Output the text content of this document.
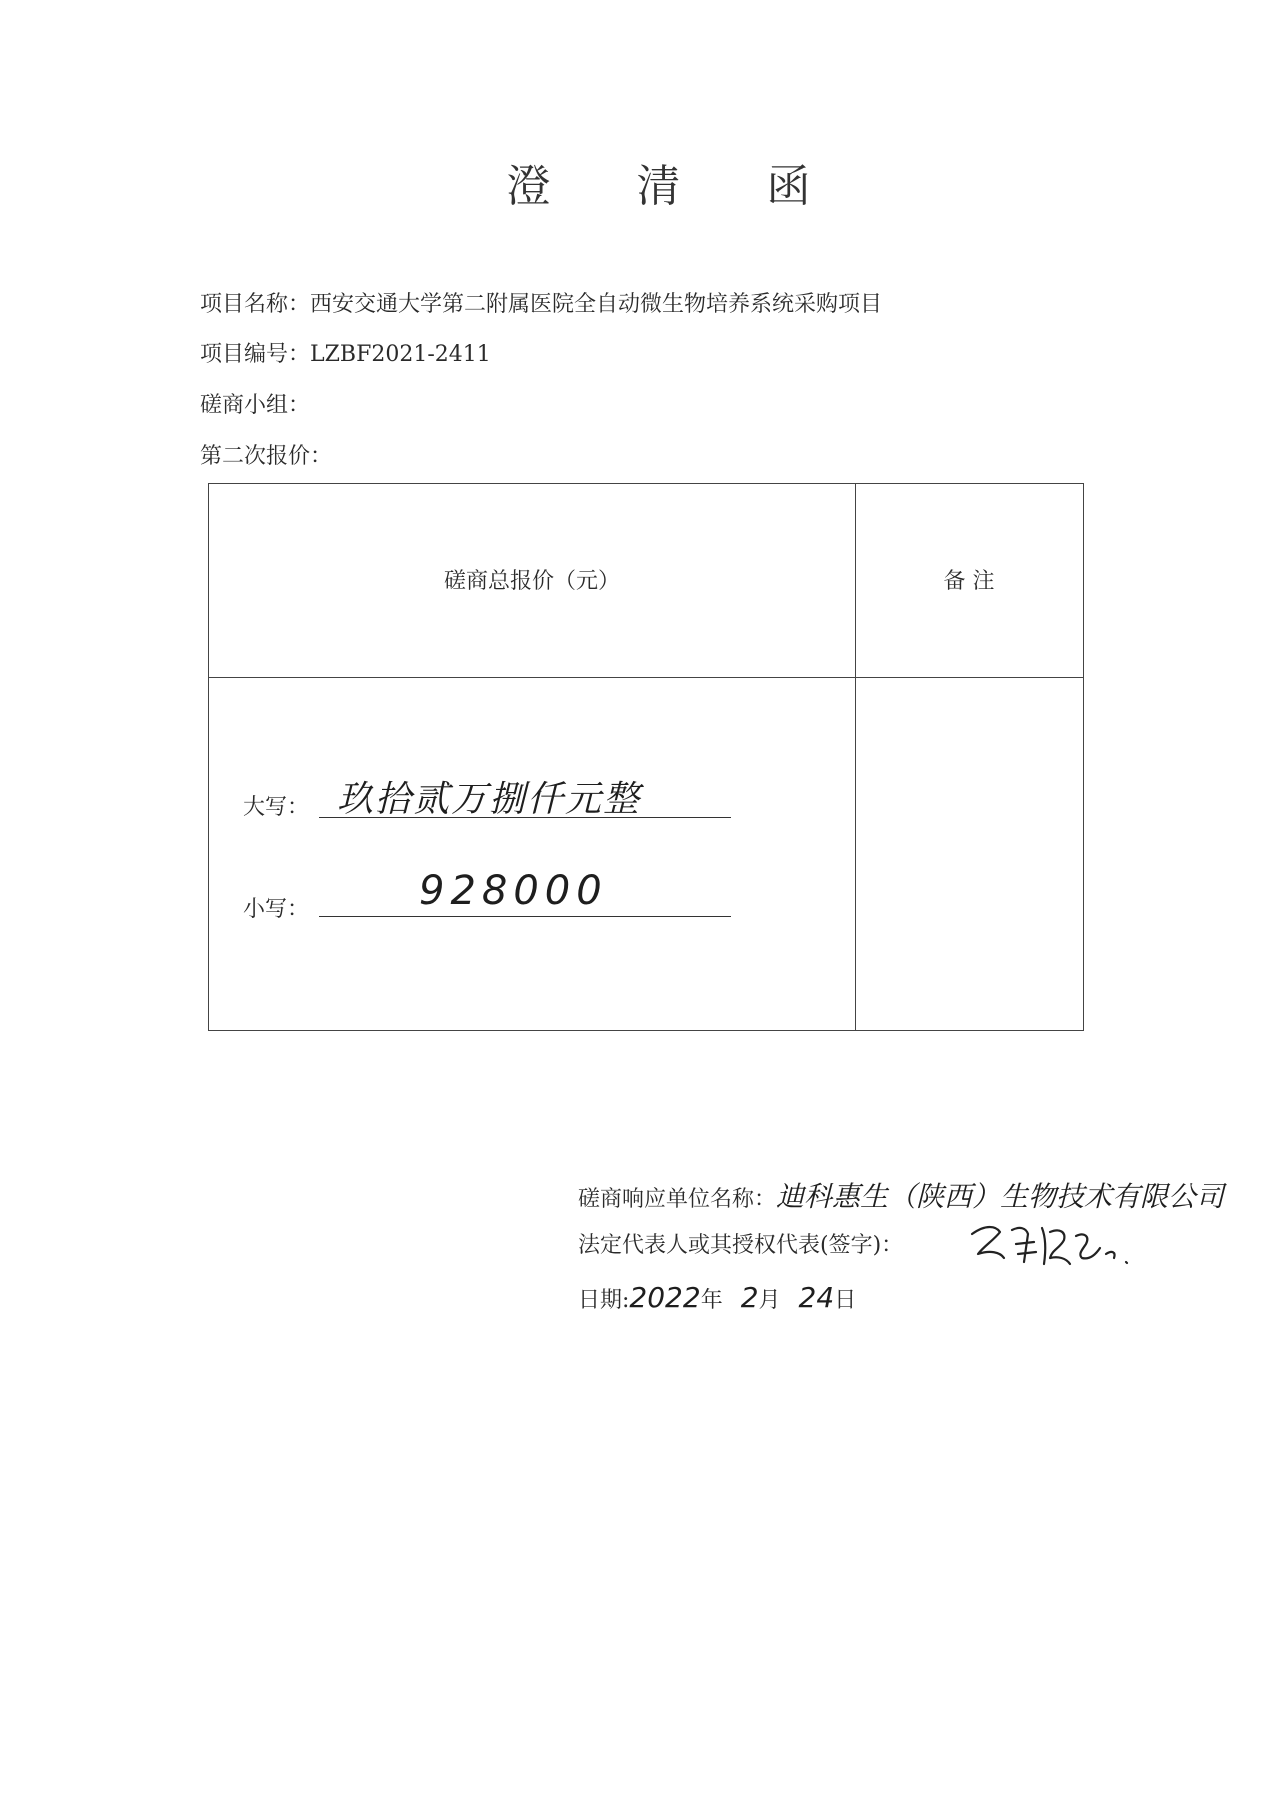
澄 清 函
项目名称：西安交通大学第二附属医院全自动微生物培养系统采购项目
项目编号：LZBF2021-2411
磋商小组：
第二次报价：
磋商总报价（元）	备 注
大写： 玖拾贰万捌仟元整
小写：	928000
磋商响应单位名称：迪科惠生（陕西）生物技术有限公司
法定代表人或其授权代表(签字)：
日期:2022年 2月 24日
